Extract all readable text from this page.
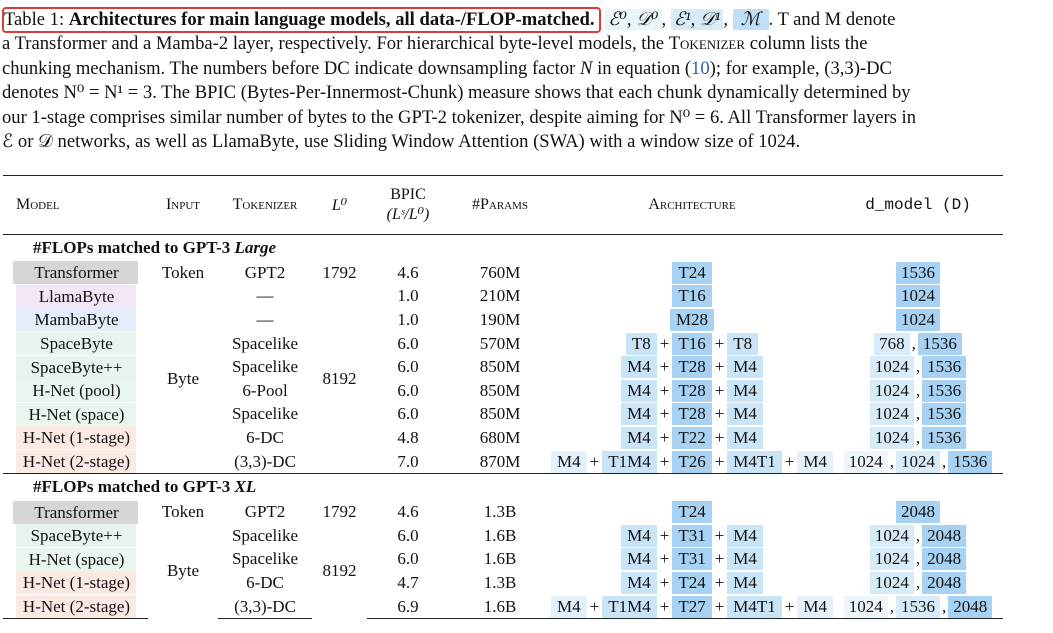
Table 1: Architectures for main language models, all data-/FLOP-matched. ℰ⁰, 𝒟⁰ , ℰ¹, 𝒟¹ , ℳ . T and M denote
a Transformer and a Mamba-2 layer, respectively. For hierarchical byte-level models, the Tokenizer column lists the
chunking mechanism. The numbers before DC indicate downsampling factor N in equation (10); for example, (3,3)-DC
denotes N⁰ = N¹ = 3. The BPIC (Bytes-Per-Innermost-Chunk) measure shows that each chunk dynamically determined by
our 1-stage comprises similar number of bytes to the GPT-2 tokenizer, despite aiming for N⁰ = 6. All Transformer layers in
ℰ or 𝒟 networks, as well as LlamaByte, use Sliding Window Attention (SWA) with a window size of 1024.
Model	Input	Tokenizer	L⁰	BPIC
(Lˢ/L⁰)	#Params	Architecture	d_model (D)
#FLOPs matched to GPT-3 Large							
Transformer	Token	GPT2	1792	4.6	760M	T24	1536
LlamaByte	Byte	—	8192	1.0	210M	T16	1024
MambaByte		—		1.0	190M	M28	1024
SpaceByte		Spacelike		6.0	570M	T8 + T16 + T8	768 , 1536
SpaceByte++		Spacelike		6.0	850M	M4 + T28 + M4	1024 , 1536
H-Net (pool)		6-Pool		6.0	850M	M4 + T28 + M4	1024 , 1536
H-Net (space)		Spacelike		6.0	850M	M4 + T28 + M4	1024 , 1536
H-Net (1-stage)		6-DC		4.8	680M	M4 + T22 + M4	1024 , 1536
H-Net (2-stage)		(3,3)-DC		7.0	870M	M4 + T1M4 + T26 + M4T1 + M4	1024 , 1024 , 1536
#FLOPs matched to GPT-3 XL							
Transformer	Token	GPT2	1792	4.6	1.3B	T24	2048
SpaceByte++	Byte	Spacelike	8192	6.0	1.6B	M4 + T31 + M4	1024 , 2048
H-Net (space)		Spacelike		6.0	1.6B	M4 + T31 + M4	1024 , 2048
H-Net (1-stage)		6-DC		4.7	1.3B	M4 + T24 + M4	1024 , 2048
H-Net (2-stage)		(3,3)-DC		6.9	1.6B	M4 + T1M4 + T27 + M4T1 + M4	1024 , 1536 , 2048
